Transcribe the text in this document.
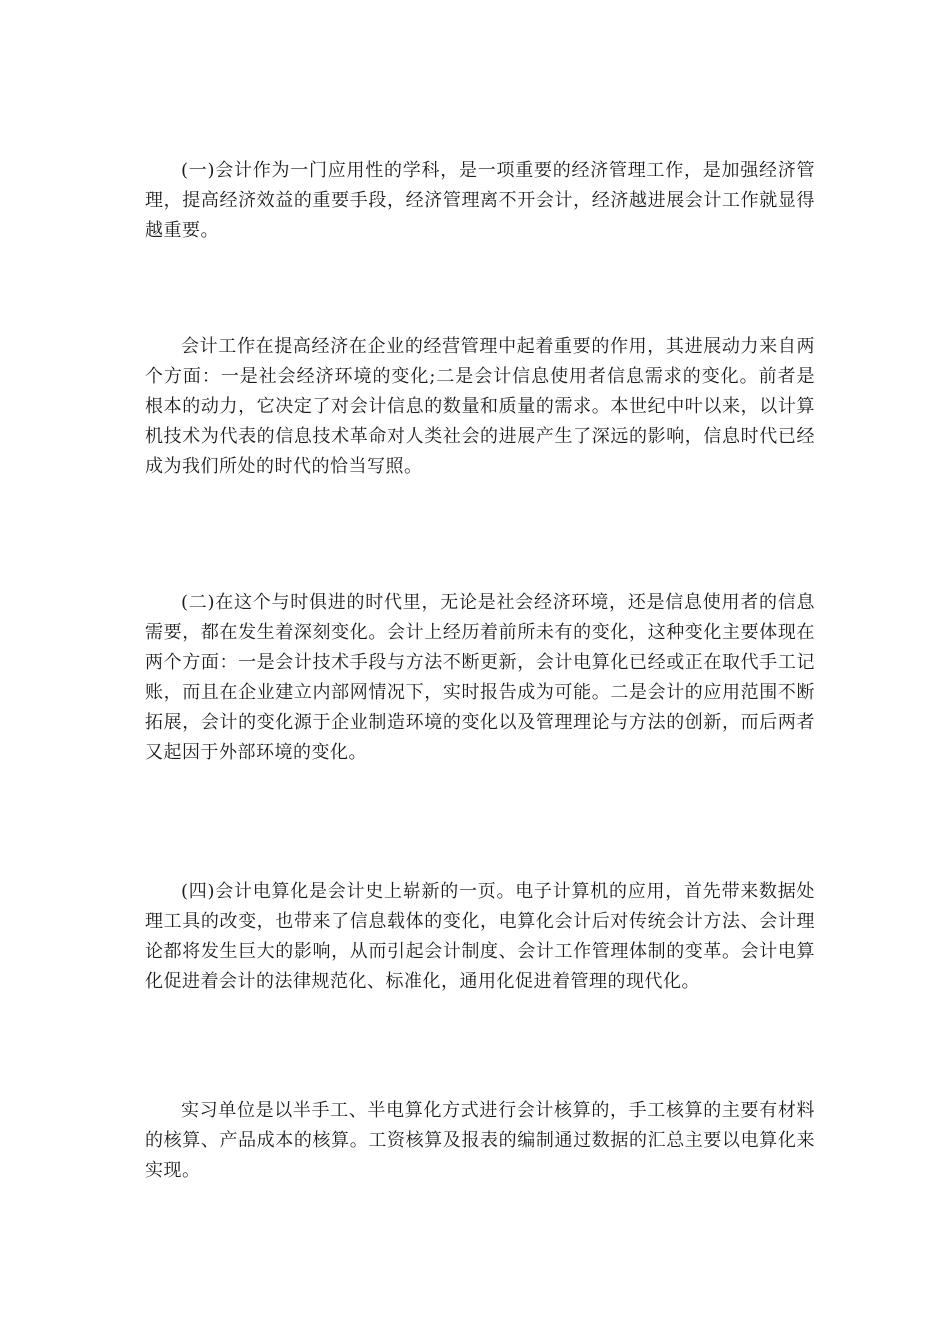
(一)会计作为一门应用性的学科，是一项重要的经济管理工作，是加强经济管理，提高经济效益的重要手段，经济管理离不开会计，经济越进展会计工作就显得越重要。

会计工作在提高经济在企业的经营管理中起着重要的作用，其进展动力来自两个方面：一是社会经济环境的变化;二是会计信息使用者信息需求的变化。前者是根本的动力，它决定了对会计信息的数量和质量的需求。本世纪中叶以来，以计算机技术为代表的信息技术革命对人类社会的进展产生了深远的影响，信息时代已经成为我们所处的时代的恰当写照。

(二)在这个与时俱进的时代里，无论是社会经济环境，还是信息使用者的信息需要，都在发生着深刻变化。会计上经历着前所未有的变化，这种变化主要体现在两个方面：一是会计技术手段与方法不断更新，会计电算化已经或正在取代手工记账，而且在企业建立内部网情况下，实时报告成为可能。二是会计的应用范围不断拓展，会计的变化源于企业制造环境的变化以及管理理论与方法的创新，而后两者又起因于外部环境的变化。

(四)会计电算化是会计史上崭新的一页。电子计算机的应用，首先带来数据处理工具的改变，也带来了信息载体的变化，电算化会计后对传统会计方法、会计理论都将发生巨大的影响，从而引起会计制度、会计工作管理体制的变革。会计电算化促进着会计的法律规范化、标准化，通用化促进着管理的现代化。

实习单位是以半手工、半电算化方式进行会计核算的，手工核算的主要有材料的核算、产品成本的核算。工资核算及报表的编制通过数据的汇总主要以电算化来实现。
